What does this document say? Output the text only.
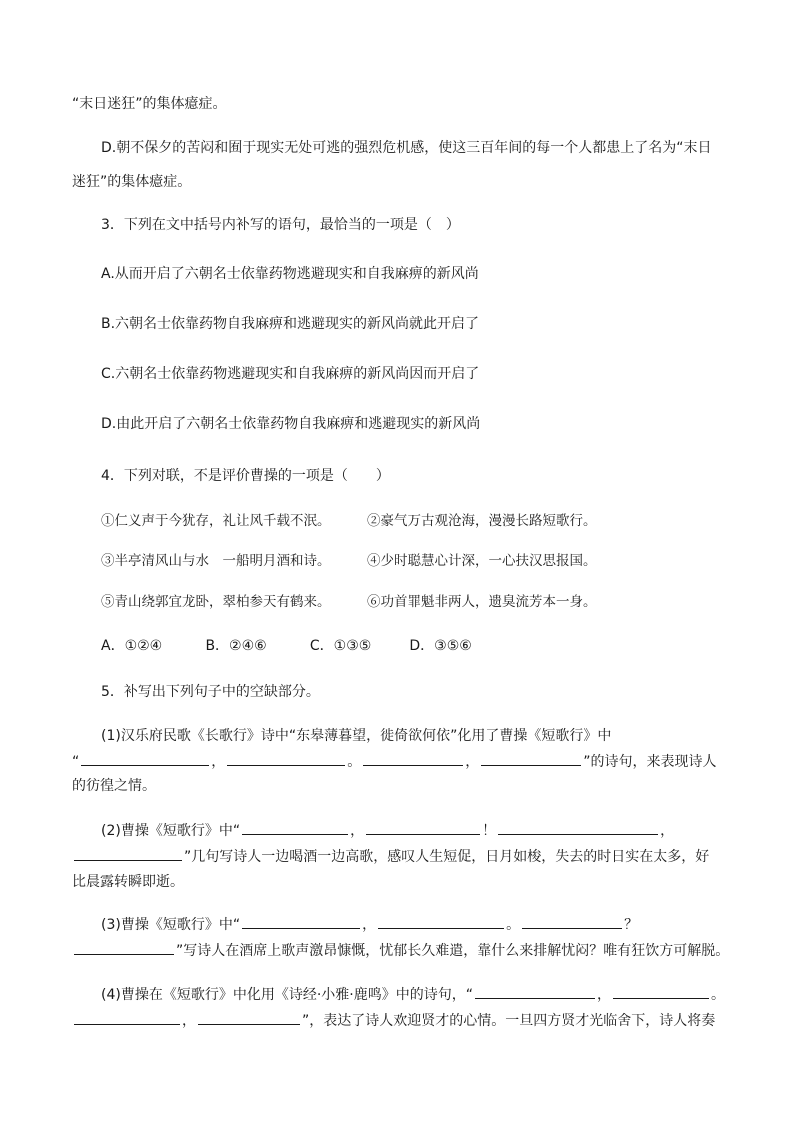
“末日迷狂”的集体癔症。
D.朝不保夕的苦闷和囿于现实无处可逃的强烈危机感，使这三百年间的每一个人都患上了名为“末日
迷狂”的集体癔症。
3．下列在文中括号内补写的语句，最恰当的一项是（　）
A.从而开启了六朝名士依靠药物逃避现实和自我麻痹的新风尚
B.六朝名士依靠药物自我麻痹和逃避现实的新风尚就此开启了
C.六朝名士依靠药物逃避现实和自我麻痹的新风尚因而开启了
D.由此开启了六朝名士依靠药物自我麻痹和逃避现实的新风尚
4．下列对联，不是评价曹操的一项是（　　）
①仁义声于今犹存，礼让风千载不泯。	②豪气万古观沧海，漫漫长路短歌行。
③半亭清风山与水　一船明月酒和诗。	④少时聪慧心计深，一心扶汉思报国。
⑤青山绕郭宜龙卧，翠柏参天有鹤来。	⑥功首罪魁非两人，遗臭流芳本一身。
A．①②④	B．②④⑥	C．①③⑤	D．③⑤⑥
5．补写出下列句子中的空缺部分。
(1)汉乐府民歌《长歌行》诗中“东皋薄暮望，徙倚欲何依”化用了曹操《短歌行》中
“	，	。	，	”的诗句，来表现诗人
的彷徨之情。
(2)曹操《短歌行》中“	，	！	，
”几句写诗人一边喝酒一边高歌，感叹人生短促，日月如梭，失去的时日实在太多，好
比晨露转瞬即逝。
(3)曹操《短歌行》中“	，	。	？
”写诗人在酒席上歌声激昂慷慨，忧郁长久难遣，靠什么来排解忧闷？唯有狂饮方可解脱。
(4)曹操在《短歌行》中化用《诗经·小雅·鹿鸣》中的诗句，“	，	。
，	”，表达了诗人欢迎贤才的心情。一旦四方贤才光临舍下，诗人将奏
